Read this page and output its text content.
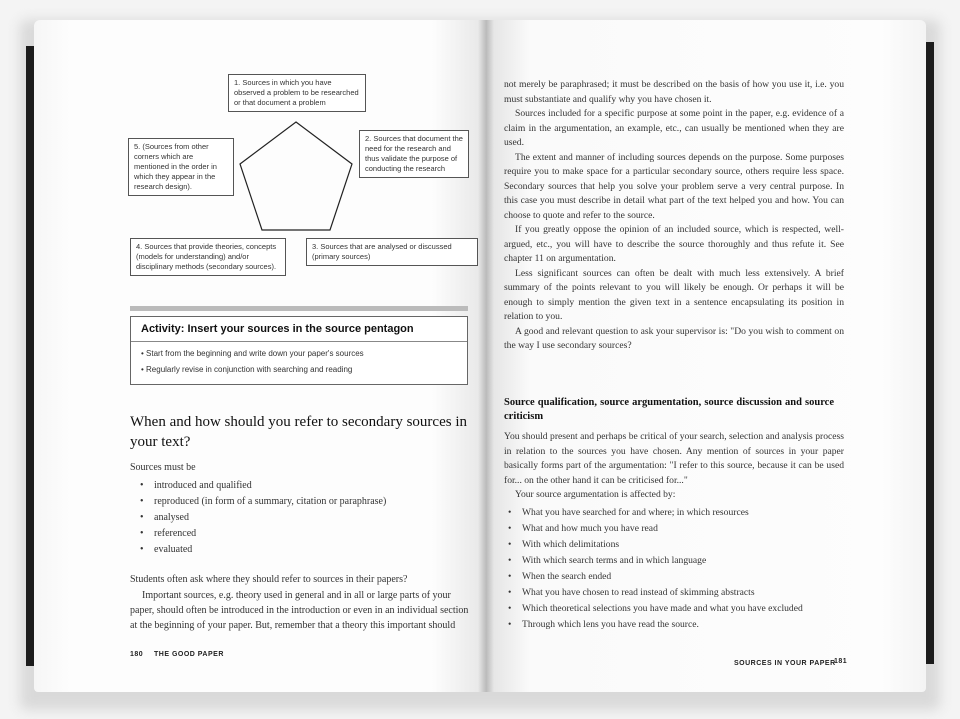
1. Sources in which you have observed a problem to be researched or that document a problem
2. Sources that document the need for the research and thus validate the purpose of conducting the research
3. Sources that are analysed or discussed (primary sources)
4. Sources that provide theories, concepts (models for understanding) and/or disciplinary methods (secondary sources).
5. (Sources from other corners which are mentioned in the order in which they appear in the research design).
Activity: Insert your sources in the source pentagon
• Start from the beginning and write down your paper's sources
• Regularly revise in conjunction with searching and reading
When and how should you refer to secondary sources in your text?
Sources must be
• introduced and qualified
• reproduced (in form of a summary, citation or paraphrase)
• analysed
• referenced
• evaluated
Students often ask where they should refer to sources in their papers?
Important sources, e.g. theory used in general and in all or large parts of your paper, should often be introduced in the introduction or even in an individual section at the beginning of your paper. But, remember that a theory this important should
180 THE GOOD PAPER

not merely be paraphrased; it must be described on the basis of how you use it, i.e. you must substantiate and qualify why you have chosen it.

Sources included for a specific purpose at some point in the paper, e.g. evidence of a claim in the argumentation, an example, etc., can usually be mentioned when they are used.

The extent and manner of including sources depends on the purpose. Some purposes require you to make space for a particular secondary source, others require less space. Secondary sources that help you solve your problem serve a very central purpose. In this case you must describe in detail what part of the text helped you and how. You can choose to quote and refer to the source.

If you greatly oppose the opinion of an included source, which is respected, well-argued, etc., you will have to describe the source thoroughly and thus refute it. See chapter 11 on argumentation.

Less significant sources can often be dealt with much less extensively. A brief summary of the points relevant to you will likely be enough. Or perhaps it will be enough to simply mention the given text in a sentence encapsulating its position in relation to you.

A good and relevant question to ask your supervisor is: "Do you wish to comment on the way I use secondary sources?

Source qualification, source argumentation, source discussion and source criticism

You should present and perhaps be critical of your search, selection and analysis process in relation to the sources you have chosen. Any mention of sources in your paper basically forms part of the argumentation: "I refer to this source, because it can be used for... on the other hand it can be criticised for..."

Your source argumentation is affected by:

• What you have searched for and where; in which resources
• What and how much you have read
• With which delimitations
• With which search terms and in which language
• When the search ended
• What you have chosen to read instead of skimming abstracts
• Which theoretical selections you have made and what you have excluded
• Through which lens you have read the source.
SOURCES IN YOUR PAPER
181
